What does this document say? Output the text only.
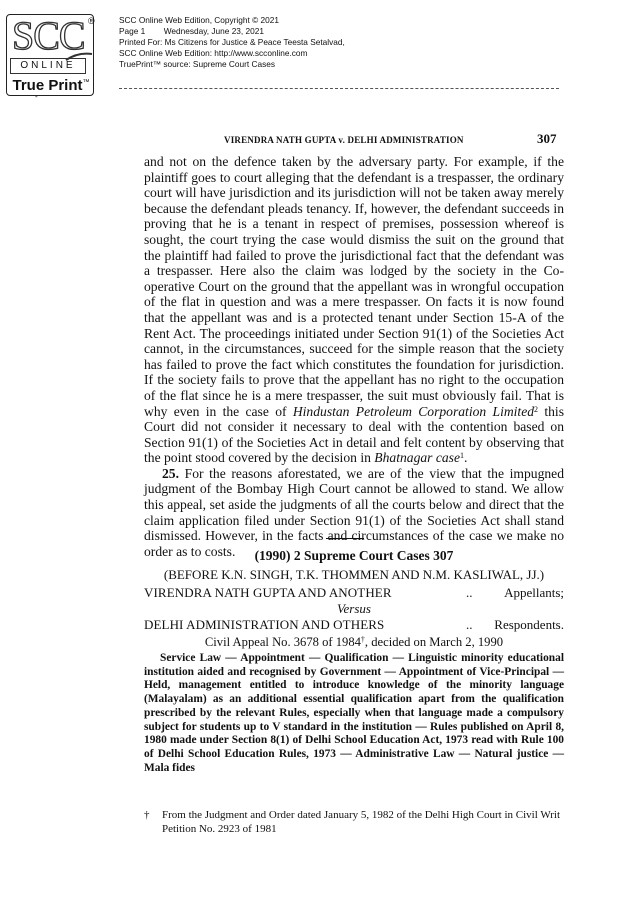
SCC ®
ONLINE
True Print™
SCC Online Web Edition, Copyright © 2021
Page 1        Wednesday, June 23, 2021
Printed For: Ms Citizens for Justice & Peace Teesta Setalvad,
SCC Online Web Edition: http://www.scconline.com
TruePrint™ source: Supreme Court Cases
-
VIRENDRA NATH GUPTA v. DELHI ADMINISTRATION	307

and not on the defence taken by the adversary party. For example, if the plaintiff goes to court alleging that the defendant is a trespasser, the ordinary court will have jurisdiction and its jurisdiction will not be taken away merely because the defendant pleads tenancy. If, however, the defendant succeeds in proving that he is a tenant in respect of premises, possession whereof is sought, the court trying the case would dismiss the suit on the ground that the plaintiff had failed to prove the jurisdictional fact that the defendant was a trespasser. Here also the claim was lodged by the society in the Co-operative Court on the ground that the appellant was in wrongful occupation of the flat in question and was a mere trespasser. On facts it is now found that the appellant was and is a protected tenant under Section 15-A of the Rent Act. The proceedings initiated under Section 91(1) of the Societies Act cannot, in the circumstances, succeed for the simple reason that the society has failed to prove the fact which constitutes the foundation for jurisdiction. If the society fails to prove that the appellant has no right to the occupation of the flat since he is a mere trespasser, the suit must obviously fail. That is why even in the case of Hindustan Petroleum Corporation Limited$^2$ this Court did not consider it necessary to deal with the contention based on Section 91(1) of the Societies Act in detail and felt content by observing that the point stood covered by the decision in Bhatnagar case$^1$.

25. For the reasons aforestated, we are of the view that the impugned judgment of the Bombay High Court cannot be allowed to stand. We allow this appeal, set aside the judgments of all the courts below and direct that the claim application filed under Section 91(1) of the Societies Act shall stand dismissed. However, in the facts and circumstances of the case we make no order as to costs.	(1990) 2 Supreme Court Cases 307
(BEFORE K.N. SINGH, T.K. THOMMEN AND N.M. KASLIWAL, JJ.)
VIRENDRA NATH GUPTA AND ANOTHER	.. Appellants;
Versus
DELHI ADMINISTRATION AND OTHERS	.. Respondents.
Civil Appeal No. 3678 of 1984†, decided on March 2, 1990

Service Law — Appointment — Qualification — Linguistic minority educational institution aided and recognised by Government — Appointment of Vice-Principal — Held, management entitled to introduce knowledge of the minority language (Malayalam) as an additional essential qualification apart from the qualification prescribed by the relevant Rules, especially when that language made a compulsory subject for students up to V standard in the institution — Rules published on April 8, 1980 made under Section 8(1) of Delhi School Education Act, 1973 read with Rule 100 of Delhi School Education Rules, 1973 — Administrative Law — Natural justice — Mala fides

† From the Judgment and Order dated January 5, 1982 of the Delhi High Court in Civil Writ Petition No. 2923 of 1981
